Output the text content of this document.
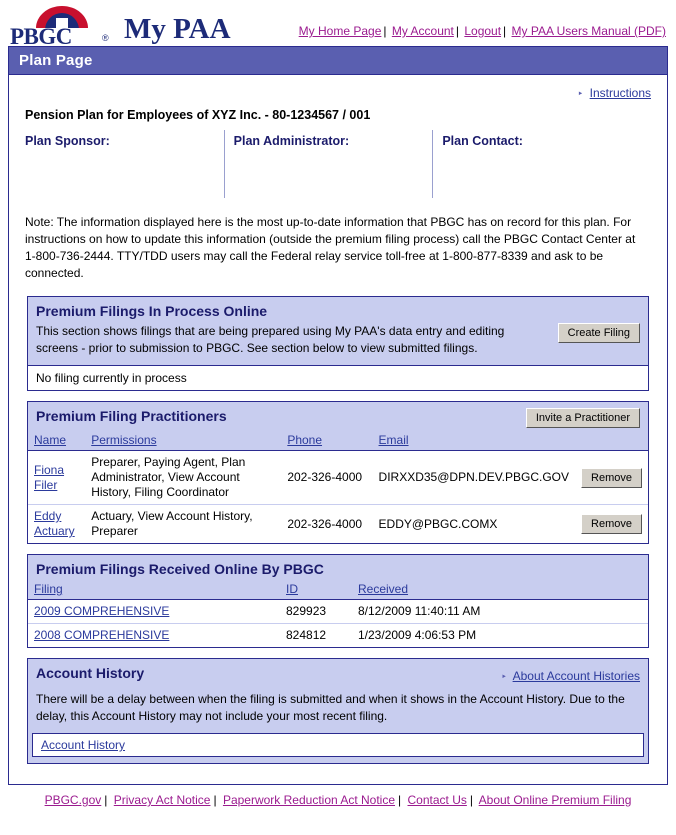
PBGC	® My PAA	My Home Page | My Account | Logout | My PAA Users Manual (PDF)
Plan Page
‣ Instructions
Pension Plan for Employees of XYZ Inc. - 80-1234567 / 001
Plan Sponsor:	Plan Administrator:	Plan Contact:
Note: The information displayed here is the most up-to-date information that PBGC has on record for this plan. For instructions on how to update this information (outside the premium filing process) call the PBGC Contact Center at 1-800-736-2444. TTY/TDD users may call the Federal relay service toll-free at 1-800-877-8339 and ask to be connected.
Premium Filings In Process Online
This section shows filings that are being prepared using My PAA's data entry and editing screens - prior to submission to PBGC. See section below to view submitted filings.
Create Filing
No filing currently in process
Premium Filing Practitioners	Invite a Practitioner
Name	Permissions	Phone	Email	
Fiona Filer	Preparer, Paying Agent, Plan Administrator, View Account History, Filing Coordinator	202-326-4000	DIRXXD35@DPN.DEV.PBGC.GOV	Remove
Eddy Actuary	Actuary, View Account History, Preparer	202-326-4000	EDDY@PBGC.COMX	Remove
Premium Filings Received Online By PBGC
Filing	ID	Received
2009 COMPREHENSIVE	829923	8/12/2009 11:40:11 AM
2008 COMPREHENSIVE	824812	1/23/2009 4:06:53 PM
Account History	‣ About Account Histories
There will be a delay between when the filing is submitted and when it shows in the Account History. Due to the delay, this Account History may not include your most recent filing.
Account History
PBGC.gov | Privacy Act Notice | Paperwork Reduction Act Notice | Contact Us | About Online Premium Filing
